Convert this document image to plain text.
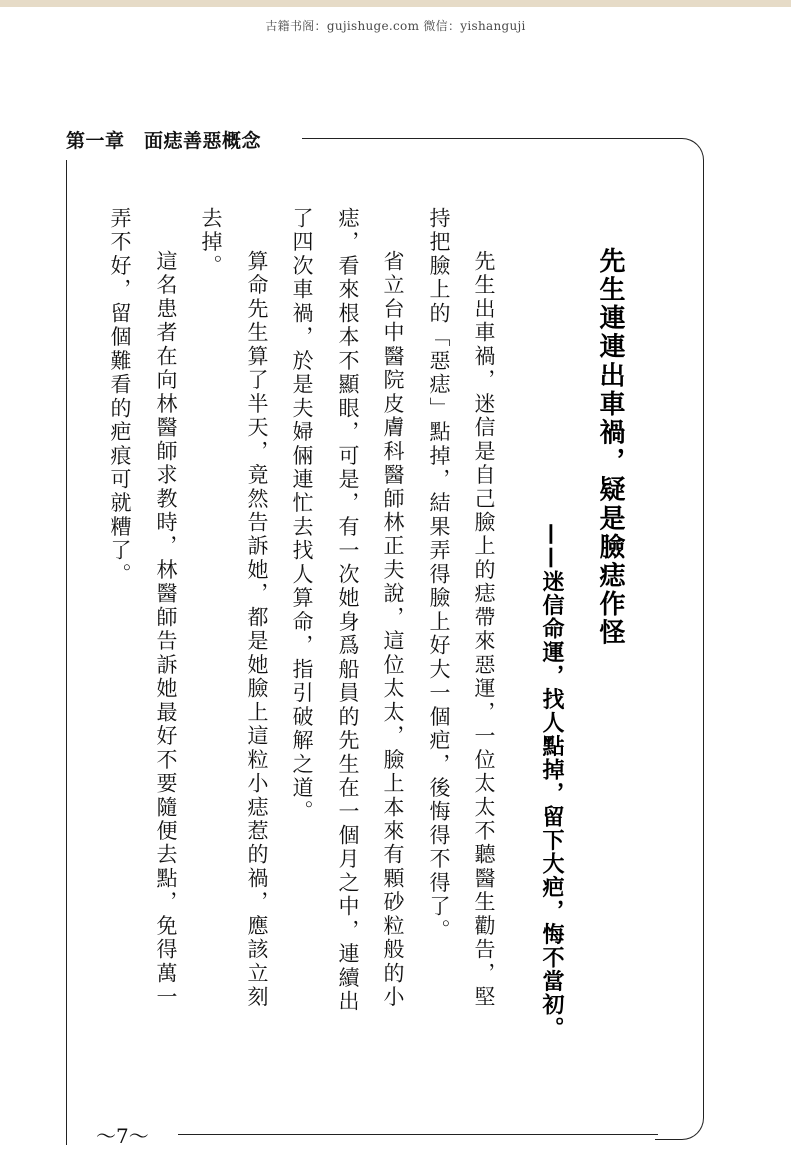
古籍书阁：gujishuge.com 微信：yishanguji
第一章　面痣善惡概念
先生連連出車禍，疑是臉痣作怪
——迷信命運，找人點掉，留下大疤，悔不當初。
先生出車禍，迷信是自己臉上的痣帶來惡運，一位太太不聽醫生勸告，堅
持把臉上的「惡痣」點掉，結果弄得臉上好大一個疤，後悔得不得了。
省立台中醫院皮膚科醫師林正夫說，這位太太，臉上本來有顆砂粒般的小
痣，看來根本不顯眼，可是，有一次她身爲船員的先生在一個月之中，連續出
了四次車禍，於是夫婦倆連忙去找人算命，指引破解之道。
算命先生算了半天，竟然告訴她，都是她臉上這粒小痣惹的禍，應該立刻
去掉。
這名患者在向林醫師求教時，林醫師告訴她最好不要隨便去點，免得萬一
弄不好，留個難看的疤痕可就糟了。
～7～
